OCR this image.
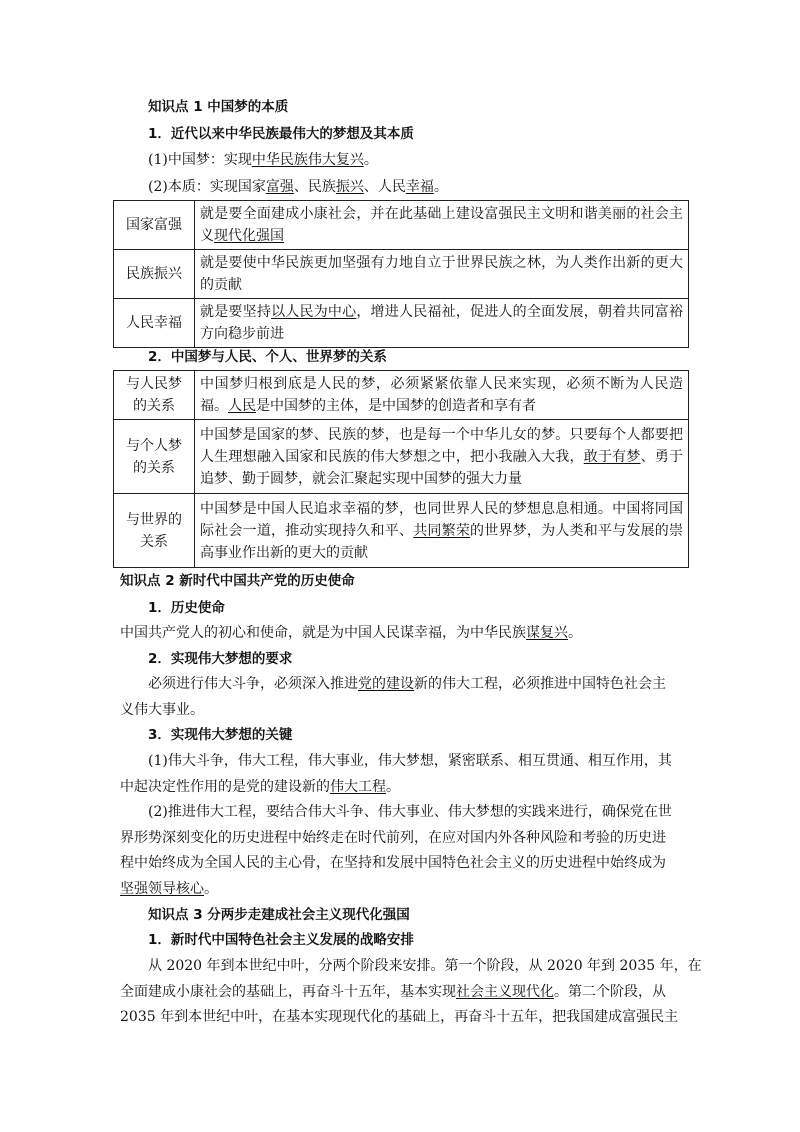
知识点 1 中国梦的本质
1．近代以来中华民族最伟大的梦想及其本质
(1)中国梦：实现中华民族伟大复兴。
(2)本质：实现国家富强、民族振兴、人民幸福。
国家富强	就是要全面建成小康社会，并在此基础上建设富强民主文明和谐美丽的社会主义现代化强国
民族振兴	就是要使中华民族更加坚强有力地自立于世界民族之林，为人类作出新的更大的贡献
人民幸福	就是要坚持以人民为中心，增进人民福祉，促进人的全面发展，朝着共同富裕方向稳步前进
2．中国梦与人民、个人、世界梦的关系
与人民梦
的关系	中国梦归根到底是人民的梦，必须紧紧依靠人民来实现，必须不断为人民造福。人民是中国梦的主体，是中国梦的创造者和享有者
与个人梦
的关系	中国梦是国家的梦、民族的梦，也是每一个中华儿女的梦。只要每个人都要把人生理想融入国家和民族的伟大梦想之中，把小我融入大我，敢于有梦、勇于追梦、勤于圆梦，就会汇聚起实现中国梦的强大力量
与世界的
关系	中国梦是中国人民追求幸福的梦，也同世界人民的梦想息息相通。中国将同国际社会一道，推动实现持久和平、共同繁荣的世界梦，为人类和平与发展的崇高事业作出新的更大的贡献
知识点 2 新时代中国共产党的历史使命
1．历史使命
中国共产党人的初心和使命，就是为中国人民谋幸福，为中华民族谋复兴。
2．实现伟大梦想的要求
必须进行伟大斗争，必须深入推进党的建设新的伟大工程，必须推进中国特色社会主
义伟大事业。
3．实现伟大梦想的关键
(1)伟大斗争，伟大工程，伟大事业，伟大梦想，紧密联系、相互贯通、相互作用，其
中起决定性作用的是党的建设新的伟大工程。
(2)推进伟大工程，要结合伟大斗争、伟大事业、伟大梦想的实践来进行，确保党在世
界形势深刻变化的历史进程中始终走在时代前列，在应对国内外各种风险和考验的历史进
程中始终成为全国人民的主心骨，在坚持和发展中国特色社会主义的历史进程中始终成为
坚强领导核心。
知识点 3 分两步走建成社会主义现代化强国
1．新时代中国特色社会主义发展的战略安排
从 2020 年到本世纪中叶，分两个阶段来安排。第一个阶段，从 2020 年到 2035 年，在
全面建成小康社会的基础上，再奋斗十五年，基本实现社会主义现代化。第二个阶段，从
2035 年到本世纪中叶，在基本实现现代化的基础上，再奋斗十五年，把我国建成富强民主
